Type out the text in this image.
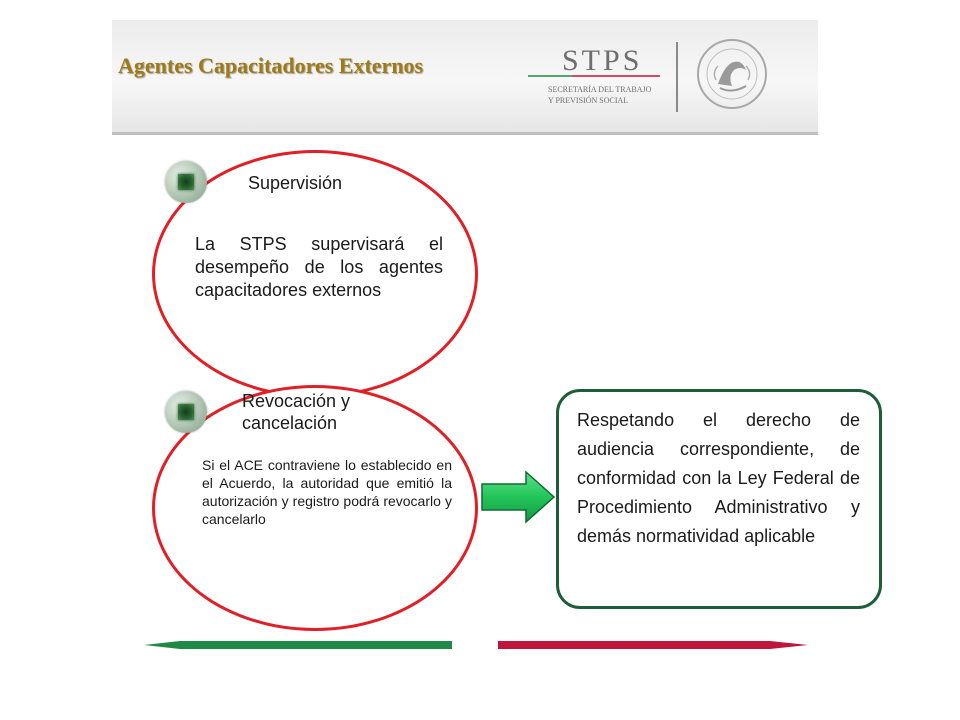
Agentes Capacitadores Externos	STPS
SECRETARÍA DEL TRABAJO
Y PREVISIÓN SOCIAL
Supervisión
La STPS supervisará el desempeño de los agentes capacitadores externos
Revocación y cancelación
Si el ACE contraviene lo establecido en el Acuerdo, la autoridad que emitió la autorización y registro podrá revocarlo y cancelarlo
Respetando el derecho de audiencia correspondiente, de conformidad con la Ley Federal de Procedimiento Administrativo y demás normatividad aplicable
